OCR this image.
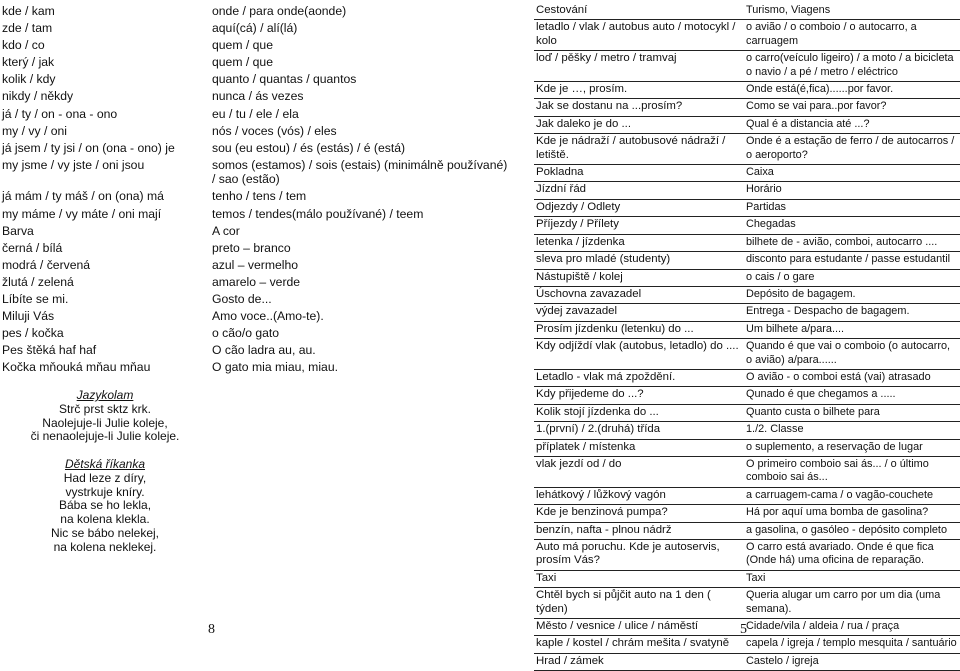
kde / kam	onde / para onde(aonde)
zde / tam	aquí(cá) / alí(lá)
kdo / co	quem / que
který / jak	quem / que
kolik / kdy	quanto / quantas / quantos
nikdy / někdy	nunca / ás vezes
já / ty / on - ona - ono	eu / tu / ele / ela
my / vy / oni	nós / voces (vós) / eles
já jsem / ty jsi / on (ona - ono) je	sou (eu estou) / és (estás) / é (está)
my jsme / vy jste / oni jsou	somos (estamos) / sois (estais) (minimálně používané) / sao (estão)
já mám / ty máš / on (ona) má	tenho / tens / tem
my máme / vy máte / oni mají	temos / tendes(málo používané) / teem
Barva	A cor
černá / bílá	preto – branco
modrá / červená	azul – vermelho
žlutá / zelená	amarelo – verde
Líbíte se mi.	Gosto de...
Miluji Vás	Amo voce..(Amo-te).
pes / kočka	o cão/o gato
Pes štěká haf haf	O cão ladra au, au.
Kočka mňouká mňau mňau	O gato mia miau, miau.
Jazykolam
Strč prst sktz krk.
Naolejuje-li Julie koleje,
či nenaolejuje-li Julie koleje.
Dětská říkanka
Had leze z díry,
vystrkuje kníry.
Bába se ho lekla,
na kolena klekla.
Nic se bábo nelekej,
na kolena neklekej.
8
Cestování	Turismo, Viagens
letadlo / vlak / autobus auto / motocykl / kolo	o avião / o comboio / o autocarro, a carruagem
loď / pěšky / metro / tramvaj	o carro(veículo ligeiro) / a moto / a bicicleta o navio / a pé / metro / eléctrico
Kde je …, prosím.	Onde está(é,fica)......por favor.
Jak se dostanu na ...prosím?	Como se vai para..por favor?
Jak daleko je do ...	Qual é a distancia até ...?
Kde je nádraží / autobusové nádraží / letiště.	Onde é a estação de ferro / de autocarros / o aeroporto?
Pokladna	Caixa
Jízdní řád	Horário
Odjezdy / Odlety	Partidas
Příjezdy / Přílety	Chegadas
letenka / jízdenka	bilhete de - avião, comboi, autocarro ....
sleva pro mladé (studenty)	disconto para estudante / passe estudantil
Nástupiště / kolej	o cais / o gare
Úschovna zavazadel	Depósito de bagagem.
výdej zavazadel	Entrega - Despacho de bagagem.
Prosím jízdenku (letenku) do ...	Um bilhete a/para....
Kdy odjíždí vlak (autobus, letadlo) do ....	Quando é que vai o comboio (o autocarro, o avião) a/para......
Letadlo - vlak má zpoždění.	O avião - o comboi está (vai) atrasado
Kdy přijedeme do ...?	Qunado é que chegamos a .....
Kolik stojí jízdenka do ...	Quanto custa o bilhete para
1.(první) / 2.(druhá) třída	1./2. Classe
příplatek / místenka	o suplemento, a reservação de lugar
vlak jezdí od / do	O primeiro comboio sai ás... / o último comboio sai ás...
lehátkový / lůžkový vagón	a carruagem-cama / o vagão-couchete
Kde je benzinová pumpa?	Há por aquí uma bomba de gasolina?
benzín, nafta - plnou nádrž	a gasolina, o gasóleo - depósito completo
Auto má poruchu. Kde je autoservis, prosím Vás?	O carro está avariado. Onde é que fica (Onde há) uma oficina de reparação.
Taxi	Taxi
Chtěl bych si půjčit auto na 1 den ( týden)	Queria alugar um carro por um dia (uma semana).
Město / vesnice / ulice / náměstí	Cidade/vila / aldeia / rua / praça
kaple / kostel / chrám mešita / svatyně	capela / igreja / templo mesquita / santuário
Hrad / zámek	Castelo / igreja
5
